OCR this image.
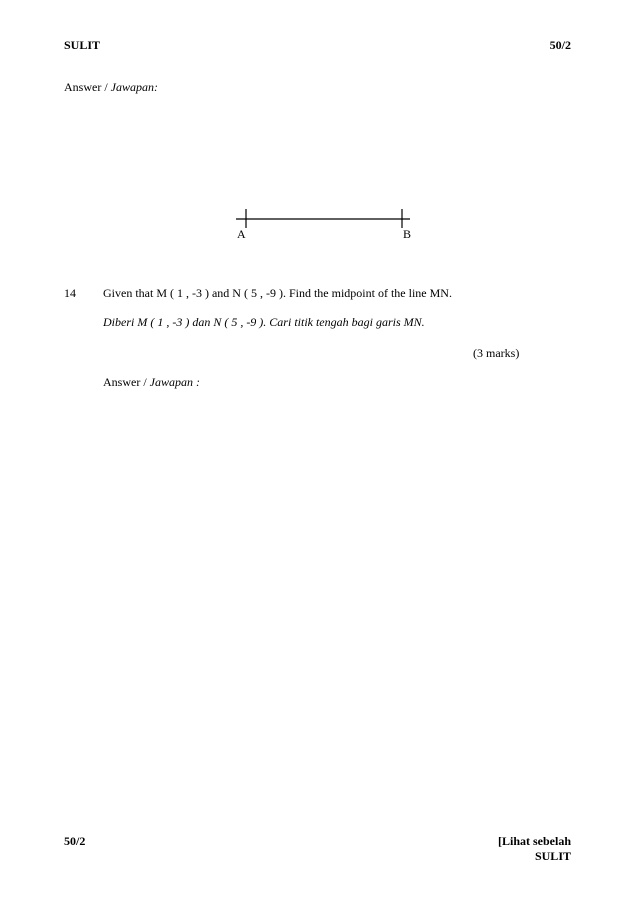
SULIT	50/2
Answer / Jawapan:
A	B
14 Given that M ( 1 , -3 ) and N ( 5 , -9 ). Find the midpoint of the line MN.
Diberi M ( 1 , -3 ) dan N ( 5 , -9 ). Cari titik tengah bagi garis MN.
(3 marks)
Answer / Jawapan :
50/2	[Lihat sebelah
SULIT
